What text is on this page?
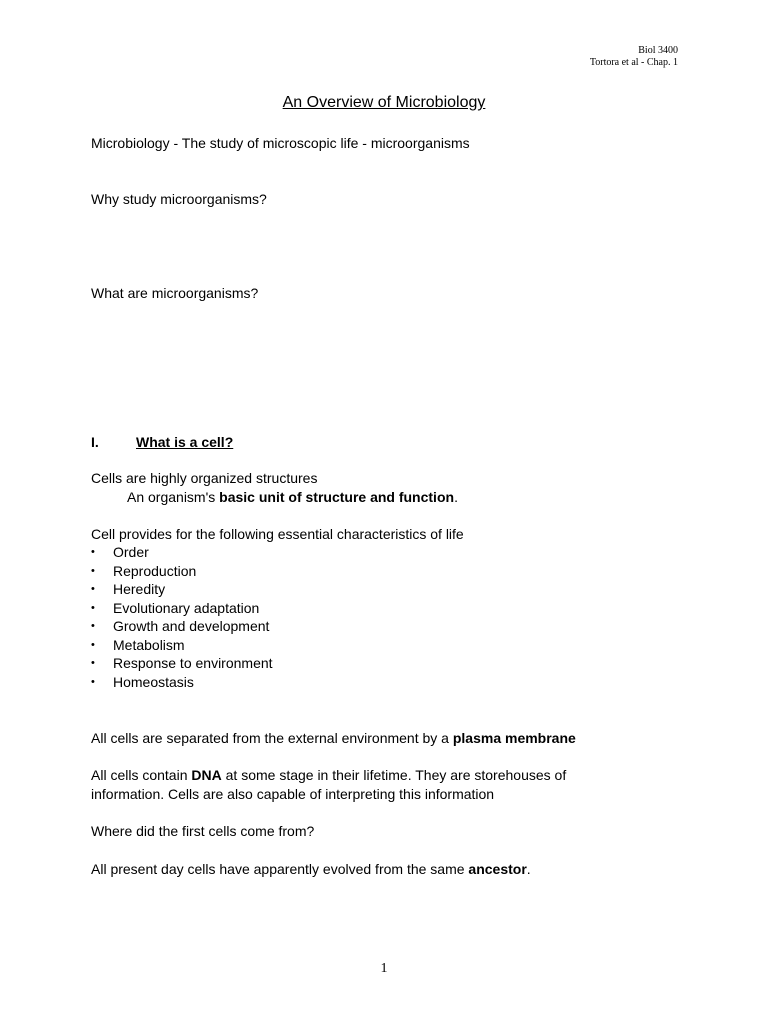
Biol 3400
Tortora et al - Chap. 1
An Overview of Microbiology
Microbiology - The study of microscopic life - microorganisms
Why study microorganisms?
What are microorganisms?
I.	What is a cell?
Cells are highly organized structures
An organism's basic unit of structure and function.
Cell provides for the following essential characteristics of life
• Order
• Reproduction
• Heredity
• Evolutionary adaptation
• Growth and development
• Metabolism
• Response to environment
• Homeostasis
All cells are separated from the external environment by a plasma membrane
All cells contain DNA at some stage in their lifetime. They are storehouses of
information. Cells are also capable of interpreting this information
Where did the first cells come from?
All present day cells have apparently evolved from the same ancestor.
1
